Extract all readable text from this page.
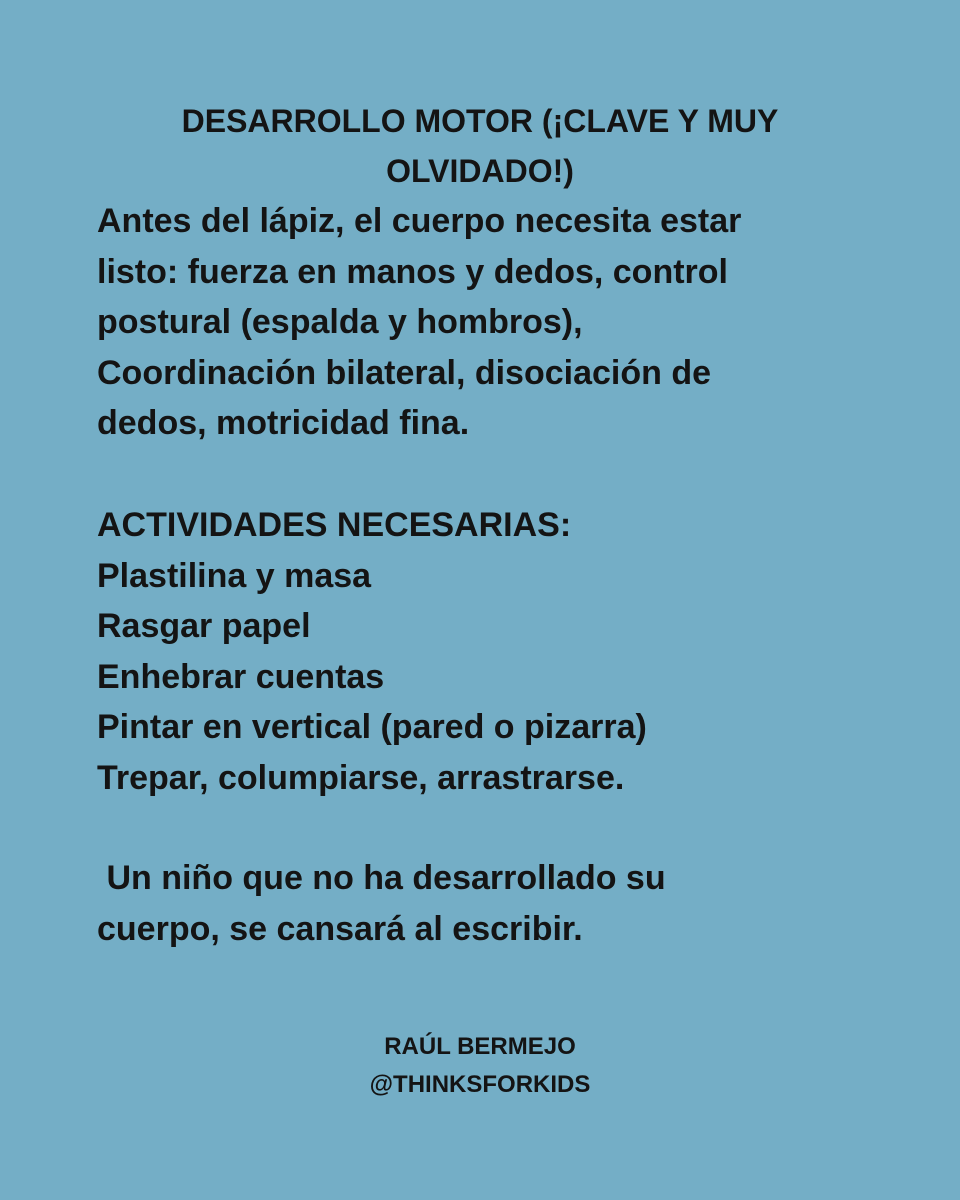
DESARROLLO MOTOR (¡CLAVE Y MUY
OLVIDADO!)

Antes del lápiz, el cuerpo necesita estar
listo: fuerza en manos y dedos, control
postural (espalda y hombros),
Coordinación bilateral, disociación de
dedos, motricidad fina.

ACTIVIDADES NECESARIAS:
Plastilina y masa
Rasgar papel
Enhebrar cuentas
Pintar en vertical (pared o pizarra)
Trepar, columpiarse, arrastrarse.

Un niño que no ha desarrollado su
cuerpo, se cansará al escribir.

RAÚL BERMEJO
@THINKSFORKIDS
